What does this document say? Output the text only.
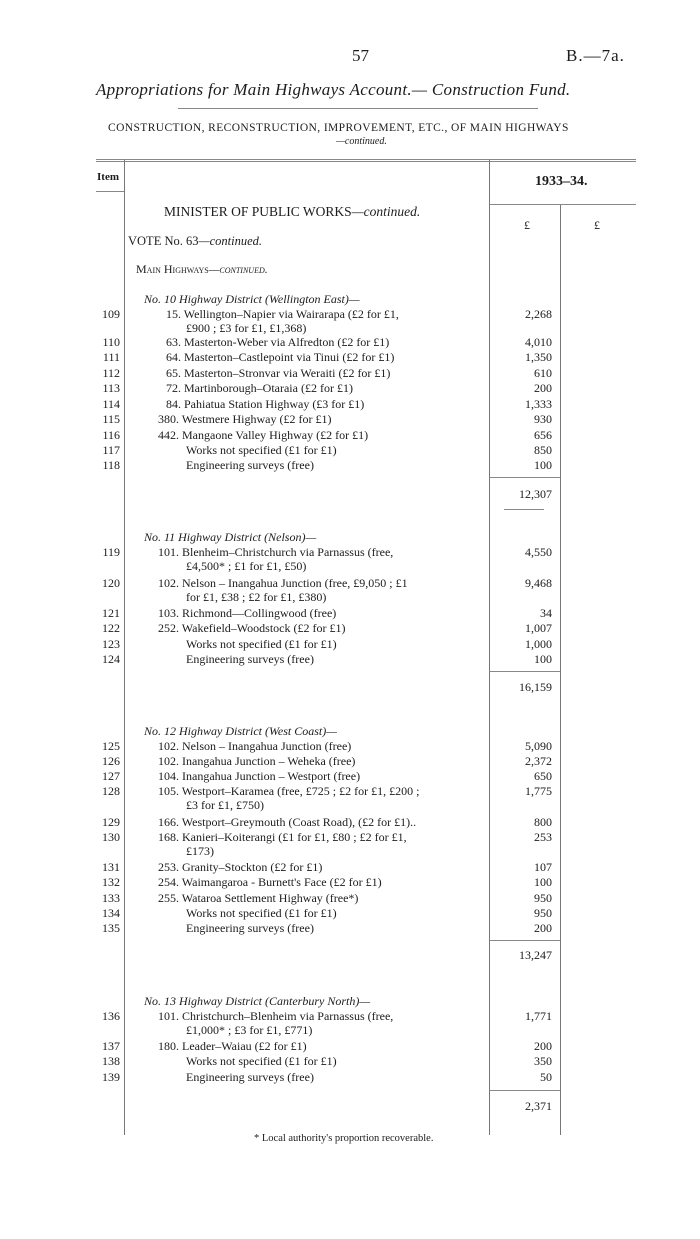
57	B.—7a.
Appropriations for Main Highways Account.— Construction Fund.
CONSTRUCTION, RECONSTRUCTION, IMPROVEMENT, ETC., OF MAIN HIGHWAYS
—continued.
Item	1933–34.
£	£
MINISTER OF PUBLIC WORKS—continued.
VOTE No. 63—continued.
Main Highways—continued.
No. 10 Highway District (Wellington East)—
109	15. Wellington–Napier via Wairarapa (£2 for £1,
£900 ; £3 for £1, £1,368)
2,268
110	63. Masterton-Weber via Alfredton (£2 for £1)	4,010
111	64. Masterton–Castlepoint via Tinui (£2 for £1)	1,350
112	65. Masterton–Stronvar via Weraiti (£2 for £1)	610
113	72. Martinborough–Otaraia (£2 for £1)	200
114	84. Pahiatua Station Highway (£3 for £1)	1,333
115	380. Westmere Highway (£2 for £1)	930
116	442. Mangaone Valley Highway (£2 for £1)	656
117	Works not specified (£1 for £1)	850
118	Engineering surveys (free)	100
12,307
No. 11 Highway District (Nelson)—
119	101. Blenheim–Christchurch via Parnassus (free,
£4,500* ; £1 for £1, £50)
4,550
120	102. Nelson – Inangahua Junction (free, £9,050 ; £1
for £1, £38 ; £2 for £1, £380)
9,468
121	103. Richmond—Collingwood (free)	34
122	252. Wakefield–Woodstock (£2 for £1)	1,007
123	Works not specified (£1 for £1)	1,000
124	Engineering surveys (free)	100
16,159
No. 12 Highway District (West Coast)—
125	102. Nelson – Inangahua Junction (free)	5,090
126	102. Inangahua Junction – Weheka (free)	2,372
127	104. Inangahua Junction – Westport (free)	650
128	105. Westport–Karamea (free, £725 ; £2 for £1, £200 ;
£3 for £1, £750)
1,775
129	166. Westport–Greymouth (Coast Road), (£2 for £1)..	800
130	168. Kanieri–Koiterangi (£1 for £1, £80 ; £2 for £1,
£173)
253
131	253. Granity–Stockton (£2 for £1)	107
132	254. Waimangaroa - Burnett's Face (£2 for £1)	100
133	255. Wataroa Settlement Highway (free*)	950
134	Works not specified (£1 for £1)	950
135	Engineering surveys (free)	200
13,247
No. 13 Highway District (Canterbury North)—
136	101. Christchurch–Blenheim via Parnassus (free,
£1,000* ; £3 for £1, £771)
1,771
137	180. Leader–Waiau (£2 for £1)	200
138	Works not specified (£1 for £1)	350
139	Engineering surveys (free)	50
2,371
* Local authority's proportion recoverable.
